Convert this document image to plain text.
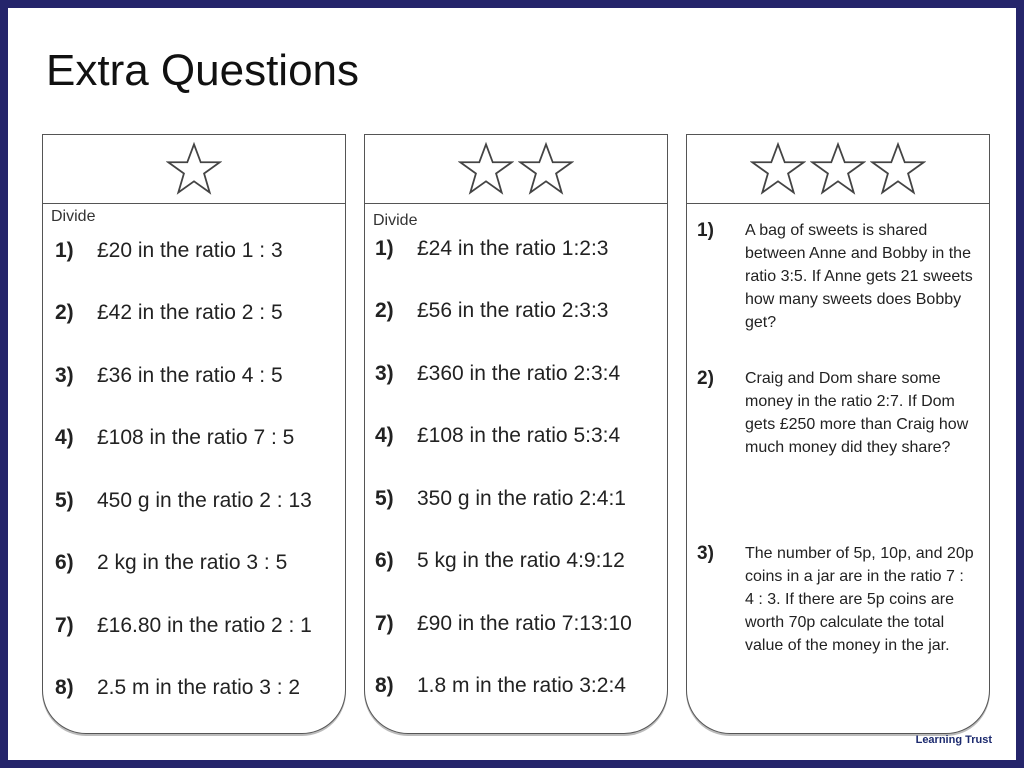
Extra Questions
Divide
1)	£20 in the ratio 1 : 3
2)	£42 in the ratio 2 : 5
3)	£36 in the ratio 4 : 5
4)	£108 in the ratio 7 : 5
5)	450 g in the ratio 2 : 13
6)	2 kg in the ratio 3 : 5
7)	£16.80 in the ratio 2 : 1
8)	2.5 m in the ratio 3 : 2
Divide
1)	£24 in the ratio 1:2:3
2)	£56 in the ratio 2:3:3
3)	£360 in the ratio 2:3:4
4)	£108 in the ratio 5:3:4
5)	350 g in the ratio 2:4:1
6)	5 kg in the ratio 4:9:12
7)	£90 in the ratio 7:13:10
8)	1.8 m in the ratio 3:2:4
1)	A bag of sweets is shared between Anne and Bobby in the ratio 3:5. If Anne gets 21 sweets how many sweets does Bobby get?
2)	Craig and Dom share some money in the ratio 2:7. If Dom gets £250 more than Craig how much money did they share?
3)	The number of 5p, 10p, and 20p coins in a jar are in the ratio 7 : 4 : 3. If there are 5p coins are worth 70p calculate the total value of the money in the jar.
Learning Trust
